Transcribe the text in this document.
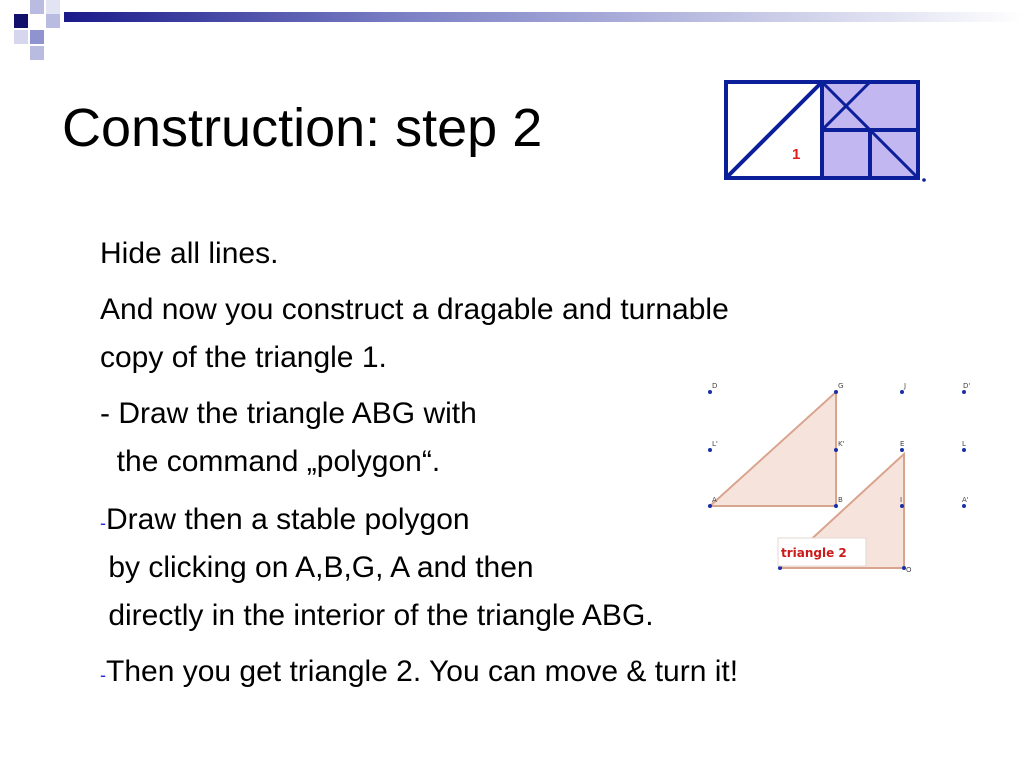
Construction: step 2	1
Hide all lines.
And now you construct a dragable and turnable
copy of the triangle 1.
- Draw the triangle ABG with
the command „polygon“.
-Draw then a stable polygon
by clicking on A,B,G, A and then
directly in the interior of the triangle ABG.
-Then you get triangle 2. You can move & turn it!
D	G	J	D'
L'	K'	E	L
A	B	I	A'
O
triangle 2
